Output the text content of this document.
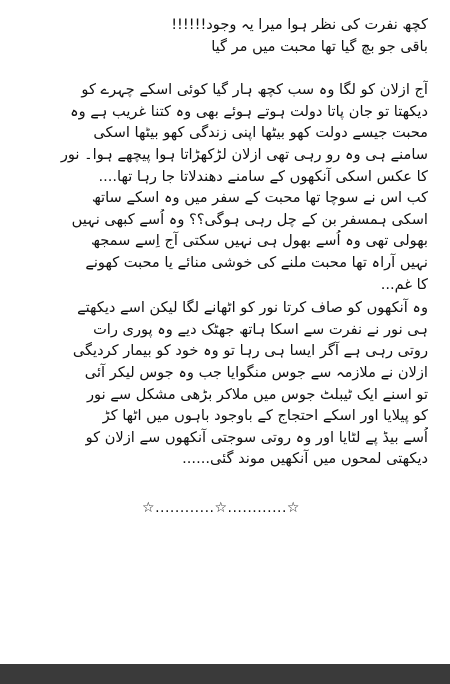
کچھ نفرت کی نظر ہوا میرا یہ وجود!!!!!!
باقی جو بچ گیا تھا محبت میں مر گیا
آج ازلان کو لگا وہ سب کچھ ہار گیا کوئی اسکے چہرے کو
دیکھتا تو جان پاتا دولت ہوتے ہوئے بھی وہ کتنا غریب ہے وہ
محبت جیسے دولت کھو بیٹھا اپنی زندگی کھو بیٹھا اسکی
سامنے ہی وہ رو رہی تھی ازلان لڑکھڑاتا ہوا پیچھے ہوا۔ نور
کا عکس اسکی آنکھوں کے سامنے دھندلاتا جا رہا تھا....
کب اس نے سوچا تھا محبت کے سفر میں وہ اسکے ساتھ
اسکی ہمسفر بن کے چل رہی ہوگی؟؟ وہ اُسے کبھی نہیں
بھولی تھی وہ اُسے بھول ہی نہیں سکتی آج اِسے سمجھ
نہیں آراہ تھا محبت ملنے کی خوشی منائے یا محبت کھونے
کا غم...
وہ آنکھوں کو صاف کرتا نور کو اٹھانے لگا لیکن اسے دیکھتے
ہی نور نے نفرت سے اسکا ہاتھ جھٹک دیے وہ پوری رات
روتی رہی ہے آگر ایسا ہی رہا تو وہ خود کو بیمار کردیگی
ازلان نے ملازمہ سے جوس منگوایا جب وہ جوس لیکر آئی
تو اسنے ایک ٹیبلٹ جوس میں ملاکر بڑھی مشکل سے نور
کو پیلایا اور اسکے احتجاج کے باوجود باہوں میں اٹھا کڑ
اُسے بیڈ پے لٹایا اور وہ روتی سوجتی آنکھوں سے ازلان کو
دیکھتی لمحوں میں آنکھیں موند گئی......
☆............☆............☆
